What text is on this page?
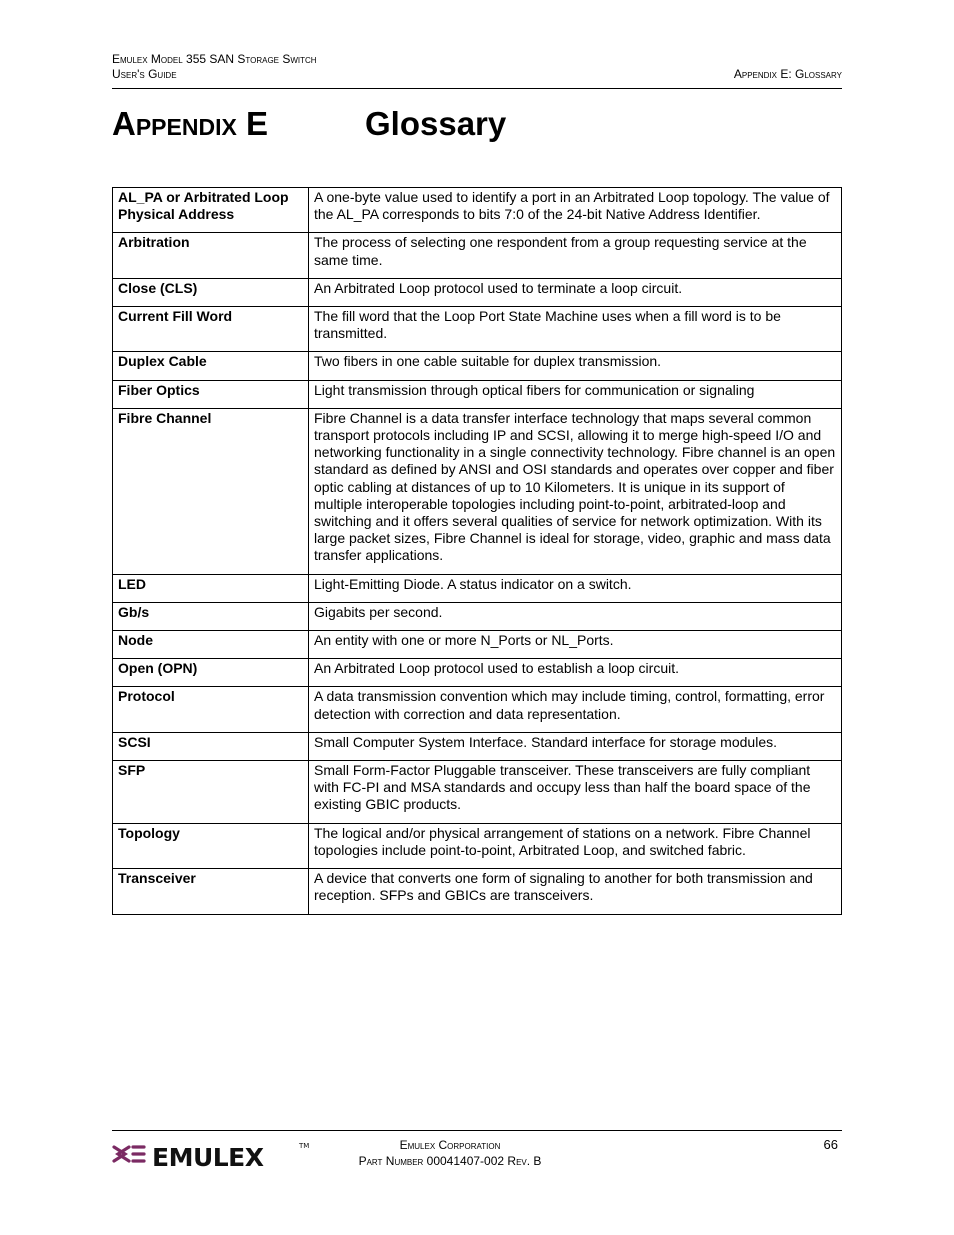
Emulex Model 355 SAN Storage Switch
User's Guide	Appendix E: Glossary
Appendix E	Glossary
AL_PA or Arbitrated Loop Physical Address	A one-byte value used to identify a port in an Arbitrated Loop topology. The value of the AL_PA corresponds to bits 7:0 of the 24-bit Native Address Identifier.
Arbitration	The process of selecting one respondent from a group requesting service at the same time.
Close (CLS)	An Arbitrated Loop protocol used to terminate a loop circuit.
Current Fill Word	The fill word that the Loop Port State Machine uses when a fill word is to be transmitted.
Duplex Cable	Two fibers in one cable suitable for duplex transmission.
Fiber Optics	Light transmission through optical fibers for communication or signaling
Fibre Channel	Fibre Channel is a data transfer interface technology that maps several common transport protocols including IP and SCSI, allowing it to merge high-speed I/O and networking functionality in a single connectivity technology. Fibre channel is an open standard as defined by ANSI and OSI standards and operates over copper and fiber optic cabling at distances of up to 10 Kilometers. It is unique in its support of multiple interoperable topologies including point-to-point, arbitrated-loop and switching and it offers several qualities of service for network optimization. With its large packet sizes, Fibre Channel is ideal for storage, video, graphic and mass data transfer applications.
LED	Light-Emitting Diode. A status indicator on a switch.
Gb/s	Gigabits per second.
Node	An entity with one or more N_Ports or NL_Ports.
Open (OPN)	An Arbitrated Loop protocol used to establish a loop circuit.
Protocol	A data transmission convention which may include timing, control, formatting, error detection with correction and data representation.
SCSI	Small Computer System Interface. Standard interface for storage modules.
SFP	Small Form-Factor Pluggable transceiver. These transceivers are fully compliant with FC-PI and MSA standards and occupy less than half the board space of the existing GBIC products.
Topology	The logical and/or physical arrangement of stations on a network. Fibre Channel topologies include point-to-point, Arbitrated Loop, and switched fabric.
Transceiver	A device that converts one form of signaling to another for both transmission and reception. SFPs and GBICs are transceivers.
EMULEX	TM	Emulex Corporation
Part Number 00041407-002 Rev. B
66
